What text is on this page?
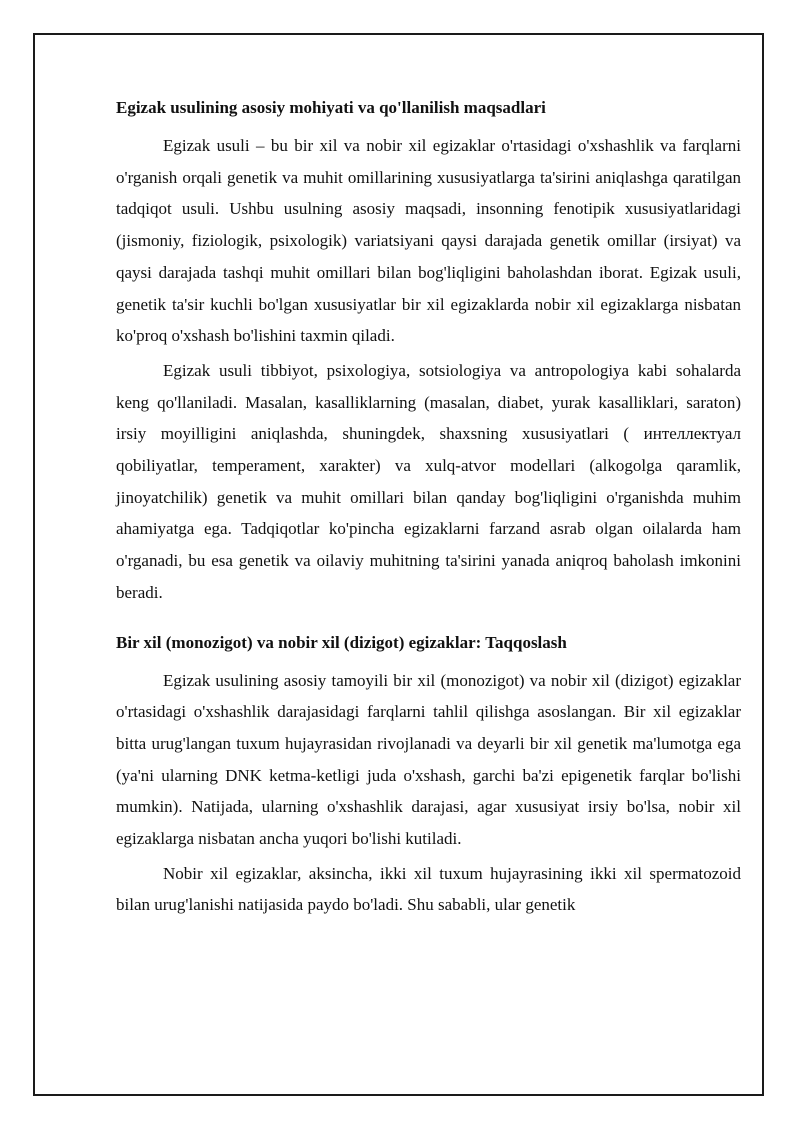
Egizak usulining asosiy mohiyati va qo'llanilish maqsadlari

Egizak usuli – bu bir xil va nobir xil egizaklar o'rtasidagi o'xshashlik va farqlarni o'rganish orqali genetik va muhit omillarining xususiyatlarga ta'sirini aniqlashga qaratilgan tadqiqot usuli. Ushbu usulning asosiy maqsadi, insonning fenotipik xususiyatlaridagi (jismoniy, fiziologik, psixologik) variatsiyani qaysi darajada genetik omillar (irsiyat) va qaysi darajada tashqi muhit omillari bilan bog'liqligini baholashdan iborat. Egizak usuli, genetik ta'sir kuchli bo'lgan xususiyatlar bir xil egizaklarda nobir xil egizaklarga nisbatan ko'proq o'xshash bo'lishini taxmin qiladi.

Egizak usuli tibbiyot, psixologiya, sotsiologiya va antropologiya kabi sohalarda keng qo'llaniladi. Masalan, kasalliklarning (masalan, diabet, yurak kasalliklari, saraton) irsiy moyilligini aniqlashda, shuningdek, shaxsning xususiyatlari ( интеллектуал qobiliyatlar, temperament, xarakter) va xulq-atvor modellari (alkogolga qaramlik, jinoyatchilik) genetik va muhit omillari bilan qanday bog'liqligini o'rganishda muhim ahamiyatga ega. Tadqiqotlar ko'pincha egizaklarni farzand asrab olgan oilalarda ham o'rganadi, bu esa genetik va oilaviy muhitning ta'sirini yanada aniqroq baholash imkonini beradi.

Bir xil (monozigot) va nobir xil (dizigot) egizaklar: Taqqoslash

Egizak usulining asosiy tamoyili bir xil (monozigot) va nobir xil (dizigot) egizaklar o'rtasidagi o'xshashlik darajasidagi farqlarni tahlil qilishga asoslangan. Bir xil egizaklar bitta urug'langan tuxum hujayrasidan rivojlanadi va deyarli bir xil genetik ma'lumotga ega (ya'ni ularning DNK ketma-ketligi juda o'xshash, garchi ba'zi epigenetik farqlar bo'lishi mumkin). Natijada, ularning o'xshashlik darajasi, agar xususiyat irsiy bo'lsa, nobir xil egizaklarga nisbatan ancha yuqori bo'lishi kutiladi.

Nobir xil egizaklar, aksincha, ikki xil tuxum hujayrasining ikki xil spermatozoid bilan urug'lanishi natijasida paydo bo'ladi. Shu sababli, ular genetik
